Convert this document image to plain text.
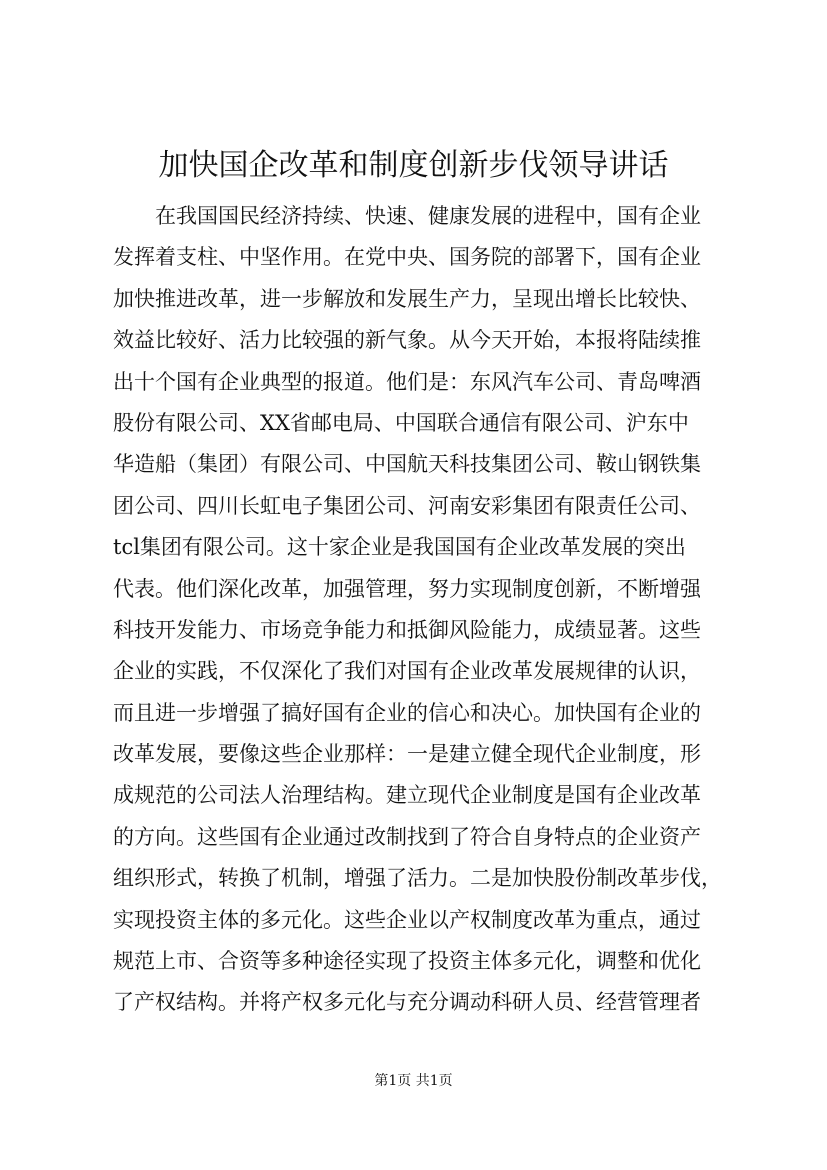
加快国企改革和制度创新步伐领导讲话
在我国国民经济持续、快速、健康发展的进程中，国有企业
发挥着支柱、中坚作用。在党中央、国务院的部署下，国有企业
加快推进改革，进一步解放和发展生产力，呈现出增长比较快、
效益比较好、活力比较强的新气象。从今天开始，本报将陆续推
出十个国有企业典型的报道。他们是：东风汽车公司、青岛啤酒
股份有限公司、XX省邮电局、中国联合通信有限公司、沪东中
华造船（集团）有限公司、中国航天科技集团公司、鞍山钢铁集
团公司、四川长虹电子集团公司、河南安彩集团有限责任公司、
tcl集团有限公司。这十家企业是我国国有企业改革发展的突出
代表。他们深化改革，加强管理，努力实现制度创新，不断增强
科技开发能力、市场竞争能力和抵御风险能力，成绩显著。这些
企业的实践，不仅深化了我们对国有企业改革发展规律的认识，
而且进一步增强了搞好国有企业的信心和决心。加快国有企业的
改革发展，要像这些企业那样：一是建立健全现代企业制度，形
成规范的公司法人治理结构。建立现代企业制度是国有企业改革
的方向。这些国有企业通过改制找到了符合自身特点的企业资产
组织形式，转换了机制，增强了活力。二是加快股份制改革步伐，
实现投资主体的多元化。这些企业以产权制度改革为重点，通过
规范上市、合资等多种途径实现了投资主体多元化，调整和优化
了产权结构。并将产权多元化与充分调动科研人员、经营管理者
第1页 共1页
